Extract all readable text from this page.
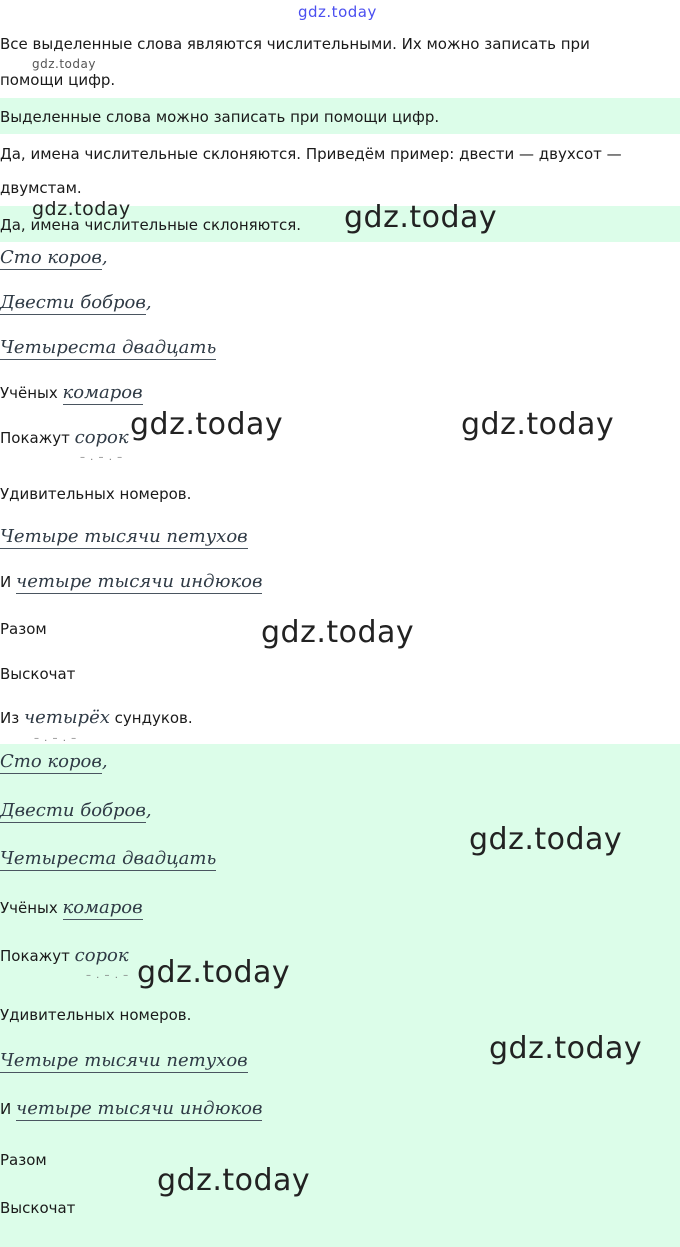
Все выделенные слова являются числительными. Их можно записать при

помощи цифр.

Выделенные слова можно записать при помощи цифр.

Да, имена числительные склоняются. Приведём пример: двести — двухсот —

двумстам.

Да, имена числительные склоняются.

Сто коров,

Двести бобров,

Четыреста двадцать

Учёных комаров

Покажут сорок

– . – . –

Удивительных номеров.

Четыре тысячи петухов

И четыре тысячи индюков

Разом

Выскочат

Из четырёх сундуков.

– . – . –

Сто коров,

Двести бобров,

Четыреста двадцать

Учёных комаров

Покажут сорок

– . – . –

Удивительных номеров.

Четыре тысячи петухов

И четыре тысячи индюков

Разом

Выскочат

gdz.today
gdz.today
gdz.today	gdz.today
gdz.today	gdz.today
gdz.today
gdz.today
gdz.today
gdz.today
gdz.today
